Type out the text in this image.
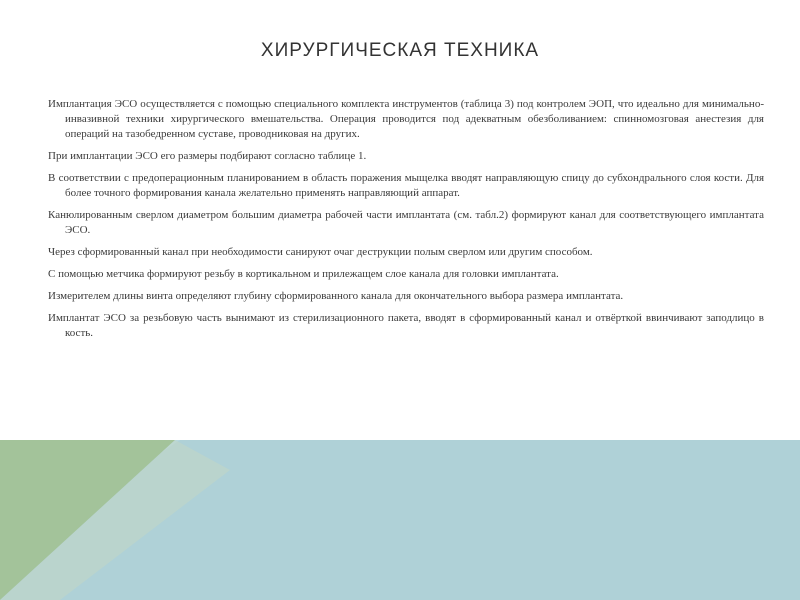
ХИРУРГИЧЕСКАЯ ТЕХНИКА

Имплантация ЭСО осуществляется с помощью специального комплекта инструментов (таблица 3) под контролем ЭОП, что идеально для минимально-инвазивной техники хирургического вмешательства. Операция проводится под адекватным обезболиванием: спинномозговая анестезия для операций на тазобедренном суставе, проводниковая на других.

При имплантации ЭСО его размеры подбирают согласно таблице 1.

В соответствии с предоперационным планированием в область поражения мыщелка вводят направляющую спицу до субхондрального слоя кости. Для более точного формирования канала желательно применять направляющий аппарат.

Канюлированным сверлом диаметром большим диаметра рабочей части имплантата (см. табл.2) формируют канал для соответствующего имплантата ЭСО.

Через сформированный канал при необходимости санируют очаг деструкции полым сверлом или другим способом.

С помощью метчика формируют резьбу в кортикальном и прилежащем слое канала для головки имплантата.

Измерителем длины винта определяют глубину сформированного канала для окончательного выбора размера имплантата.

Имплантат ЭСО за резьбовую часть вынимают из стерилизационного пакета, вводят в сформированный канал и отвёрткой ввинчивают заподлицо в кость.
